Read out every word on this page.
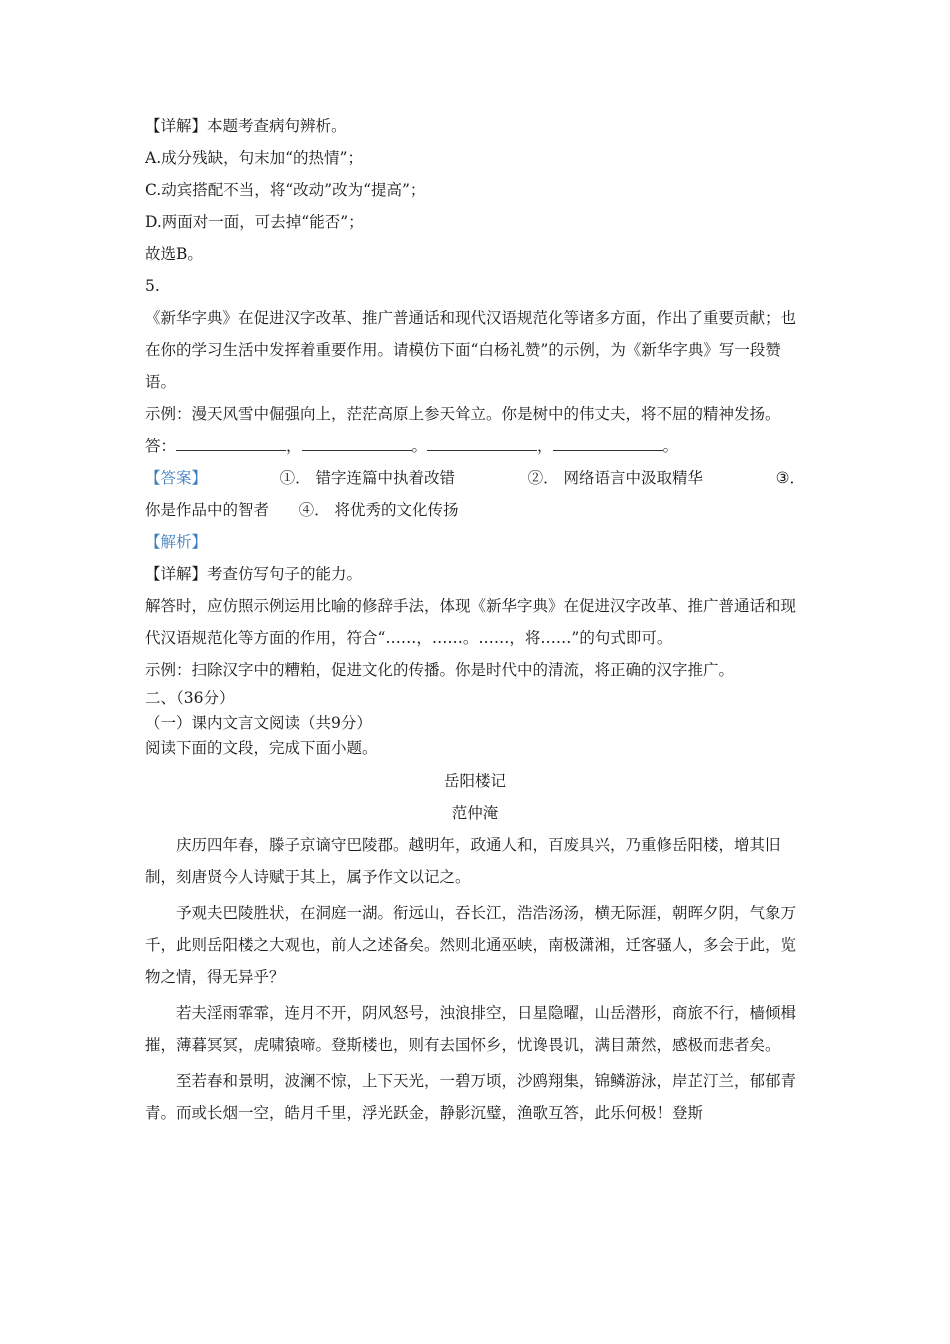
【详解】本题考查病句辨析。
A.成分残缺，句末加“的热情”；
C.动宾搭配不当，将“改动”改为“提高”；
D.两面对一面，可去掉“能否”；
故选B。
5.
《新华字典》在促进汉字改革、推广普通话和现代汉语规范化等诸多方面，作出了重要贡献；也在你的学习生活中发挥着重要作用。请模仿下面“白杨礼赞”的示例，为《新华字典》写一段赞语。
示例：漫天风雪中倔强向上，茫茫高原上参天耸立。你是树中的伟丈夫，将不屈的精神发扬。
答：	，	。	，	。
【答案】	①． 错字连篇中执着改错	②． 网络语言中汲取精华	③．
你是作品中的智者 ④． 将优秀的文化传扬
【解析】
【详解】考查仿写句子的能力。
解答时，应仿照示例运用比喻的修辞手法，体现《新华字典》在促进汉字改革、推广普通话和现代汉语规范化等方面的作用，符合“……，……。……，将……”的句式即可。
示例：扫除汉字中的糟粕，促进文化的传播。你是时代中的清流，将正确的汉字推广。
二、（36分）
（一）课内文言文阅读（共9分）
阅读下面的文段，完成下面小题。
岳阳楼记
范仲淹
庆历四年春，滕子京谪守巴陵郡。越明年，政通人和，百废具兴，乃重修岳阳楼，增其旧制，刻唐贤今人诗赋于其上，属予作文以记之。
予观夫巴陵胜状，在洞庭一湖。衔远山，吞长江，浩浩汤汤，横无际涯，朝晖夕阴，气象万千，此则岳阳楼之大观也，前人之述备矣。然则北通巫峡，南极潇湘，迁客骚人，多会于此，览物之情，得无异乎？
若夫淫雨霏霏，连月不开，阴风怒号，浊浪排空，日星隐曜，山岳潜形，商旅不行，樯倾楫摧，薄暮冥冥，虎啸猿啼。登斯楼也，则有去国怀乡，忧谗畏讥，满目萧然，感极而悲者矣。
至若春和景明，波澜不惊，上下天光，一碧万顷，沙鸥翔集，锦鳞游泳，岸芷汀兰，郁郁青青。而或长烟一空，皓月千里，浮光跃金，静影沉璧，渔歌互答，此乐何极！登斯
